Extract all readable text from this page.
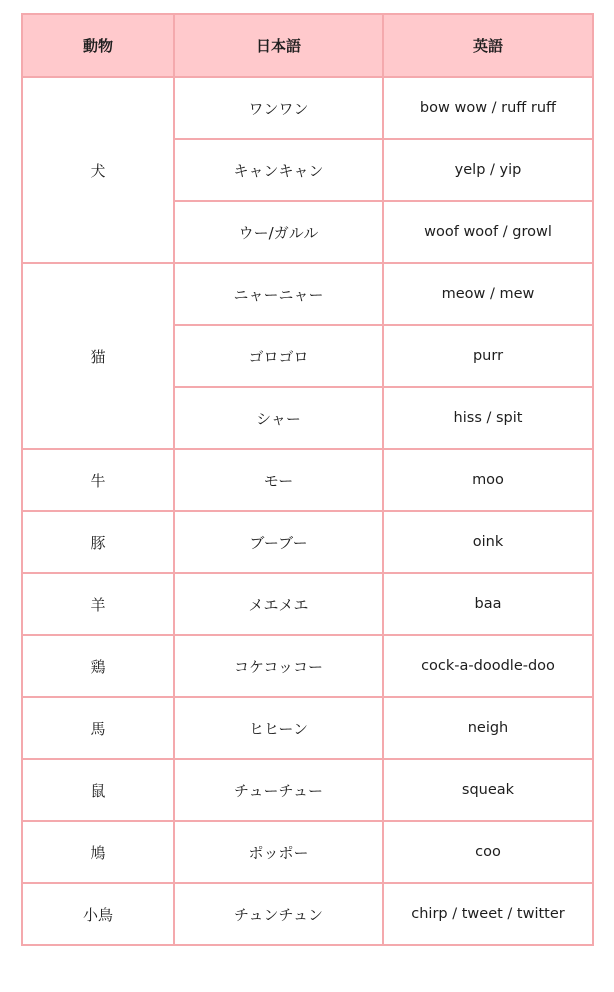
動物	日本語	英語
犬	ワンワン	bow wow / ruff ruff
	キャンキャン	yelp / yip
	ウー/ガルル	woof woof / growl
猫	ニャーニャー	meow / mew
	ゴロゴロ	purr
	シャー	hiss / spit
牛	モー	moo
豚	ブーブー	oink
羊	メエメエ	baa
鶏	コケコッコー	cock-a-doodle-doo
馬	ヒヒーン	neigh
鼠	チューチュー	squeak
鳩	ポッポー	coo
小鳥	チュンチュン	chirp / tweet / twitter
